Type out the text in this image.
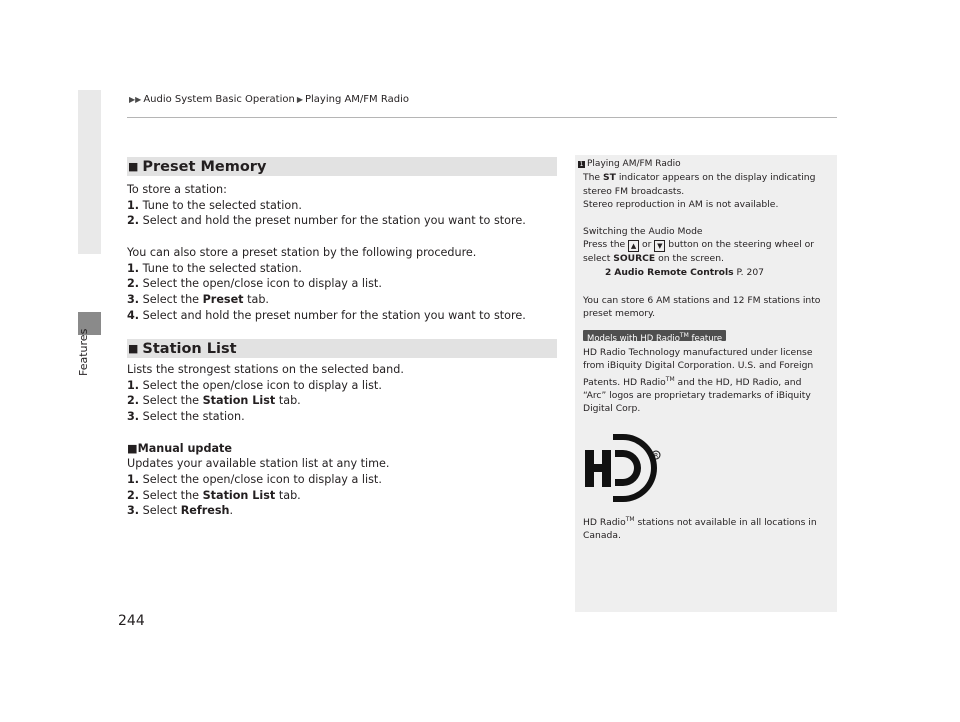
Features
▶▶ Audio System Basic Operation ▶ Playing AM/FM Radio
■ Preset Memory

To store a station:

1. Tune to the selected station.

2. Select and hold the preset number for the station you want to store.

You can also store a preset station by the following procedure.

1. Tune to the selected station.

2. Select the open/close icon to display a list.

3. Select the Preset tab.

4. Select and hold the preset number for the station you want to store.

■ Station List

Lists the strongest stations on the selected band.

1. Select the open/close icon to display a list.

2. Select the Station List tab.

3. Select the station.

■Manual update

Updates your available station list at any time.

1. Select the open/close icon to display a list.

2. Select the Station List tab.

3. Select Refresh.

1 Playing AM/FM Radio

The ST indicator appears on the display indicating

stereo FM broadcasts.

Stereo reproduction in AM is not available.

Switching the Audio Mode

Press the ▲ or ▼ button on the steering wheel or

select SOURCE on the screen.

2 Audio Remote Controls P. 207

You can store 6 AM stations and 12 FM stations into

preset memory.

Models with HD Radio™ feature

HD Radio Technology manufactured under license

from iBiquity Digital Corporation. U.S. and Foreign

Patents. HD Radio™ and the HD, HD Radio, and

“Arc” logos are proprietary trademarks of iBiquity

Digital Corp.

HD Radio™ stations not available in all locations in

Canada.

R
244
